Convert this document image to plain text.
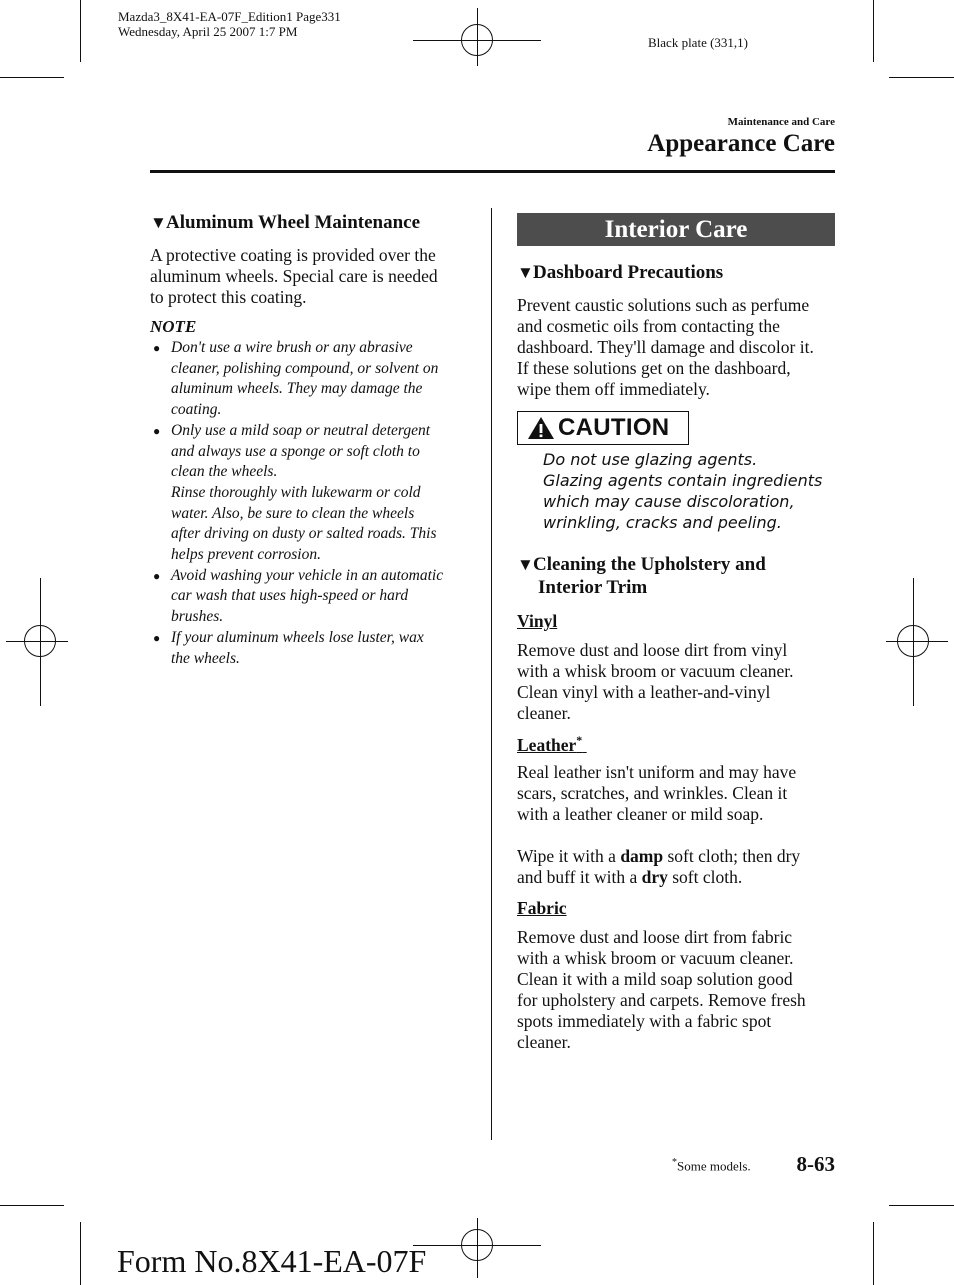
Mazda3_8X41-EA-07F_Edition1 Page331
Wednesday, April 25 2007 1:7 PM
Black plate (331,1)
Maintenance and Care
Appearance Care
▼Aluminum Wheel Maintenance

A protective coating is provided over the
aluminum wheels. Special care is needed
to protect this coating.

NOTE
● Don't use a wire brush or any abrasive
cleaner, polishing compound, or solvent on
aluminum wheels. They may damage the
coating.
● Only use a mild soap or neutral detergent
and always use a sponge or soft cloth to
clean the wheels.
Rinse thoroughly with lukewarm or cold
water. Also, be sure to clean the wheels
after driving on dusty or salted roads. This
helps prevent corrosion.
● Avoid washing your vehicle in an automatic
car wash that uses high-speed or hard
brushes.
● If your aluminum wheels lose luster, wax
the wheels.
Interior Care
▼Dashboard Precautions

Prevent caustic solutions such as perfume
and cosmetic oils from contacting the
dashboard. They'll damage and discolor it.
If these solutions get on the dashboard,
wipe them off immediately.

CAUTION
Do not use glazing agents.
Glazing agents contain ingredients
which may cause discoloration,
wrinkling, cracks and peeling.
▼Cleaning the Upholstery and
Interior Trim
Vinyl

Remove dust and loose dirt from vinyl
with a whisk broom or vacuum cleaner.
Clean vinyl with a leather-and-vinyl
cleaner.

Leather*

Real leather isn't uniform and may have
scars, scratches, and wrinkles. Clean it
with a leather cleaner or mild soap.

Wipe it with a damp soft cloth; then dry
and buff it with a dry soft cloth.

Fabric

Remove dust and loose dirt from fabric
with a whisk broom or vacuum cleaner.
Clean it with a mild soap solution good
for upholstery and carpets. Remove fresh
spots immediately with a fabric spot
cleaner.

*Some models.	8-63
Form No.8X41-EA-07F
